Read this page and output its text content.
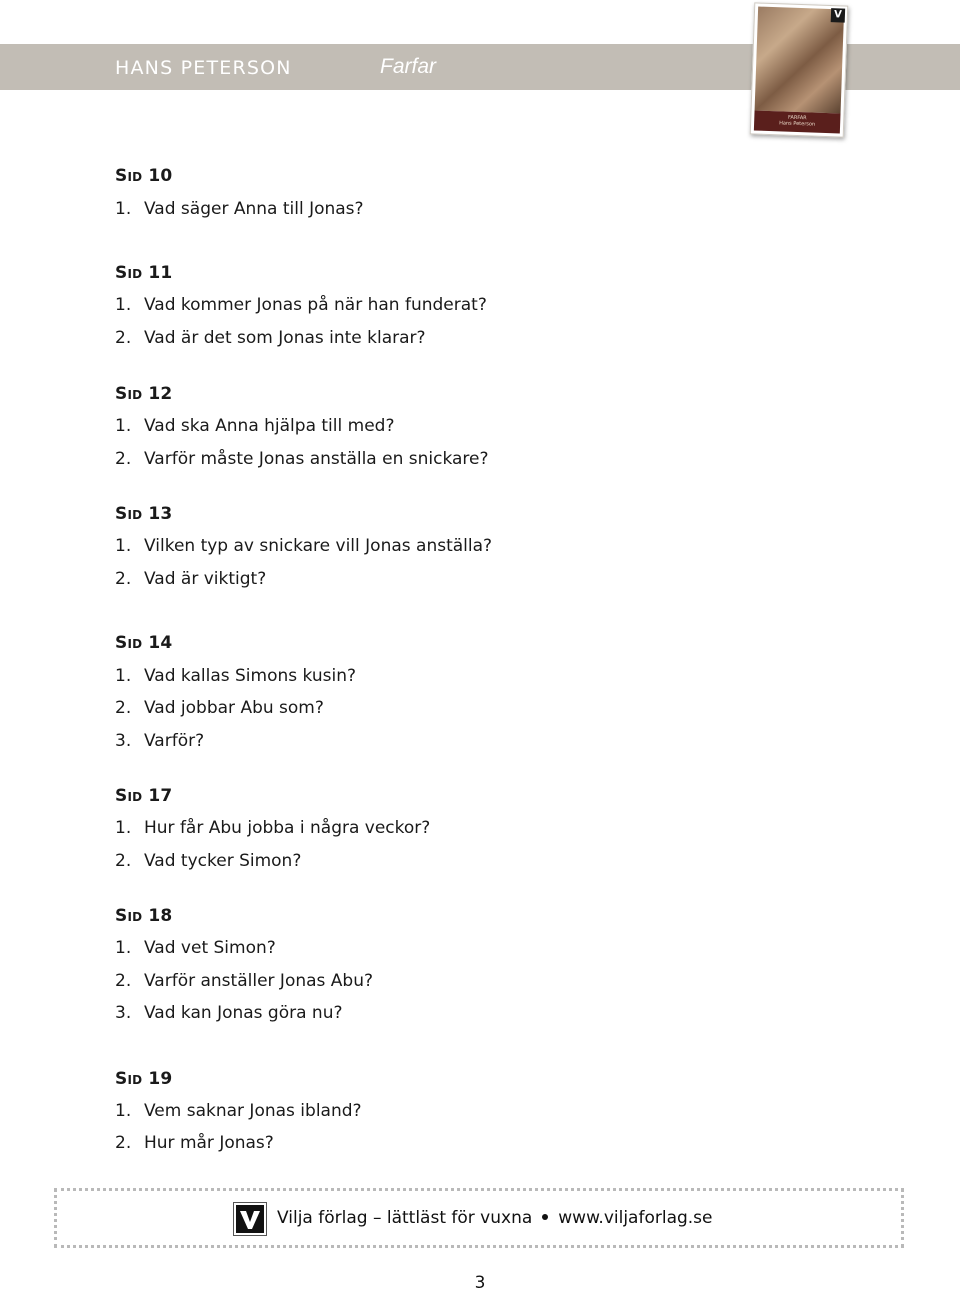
HANS PETERSON	Farfar
V
FARFAR
Hans Peterson
Sid 10
1. Vad säger Anna till Jonas?
Sid 11
1. Vad kommer Jonas på när han funderat?
2. Vad är det som Jonas inte klarar?
Sid 12
1. Vad ska Anna hjälpa till med?
2. Varför måste Jonas anställa en snickare?
Sid 13
1. Vilken typ av snickare vill Jonas anställa?
2. Vad är viktigt?
Sid 14
1. Vad kallas Simons kusin?
2. Vad jobbar Abu som?
3. Varför?
Sid 17
1. Hur får Abu jobba i några veckor?
2. Vad tycker Simon?
Sid 18
1. Vad vet Simon?
2. Varför anställer Jonas Abu?
3. Vad kan Jonas göra nu?
Sid 19
1. Vem saknar Jonas ibland?
2. Hur mår Jonas?
Vilja förlag – lättläst för vuxna www.viljaforlag.se
3
